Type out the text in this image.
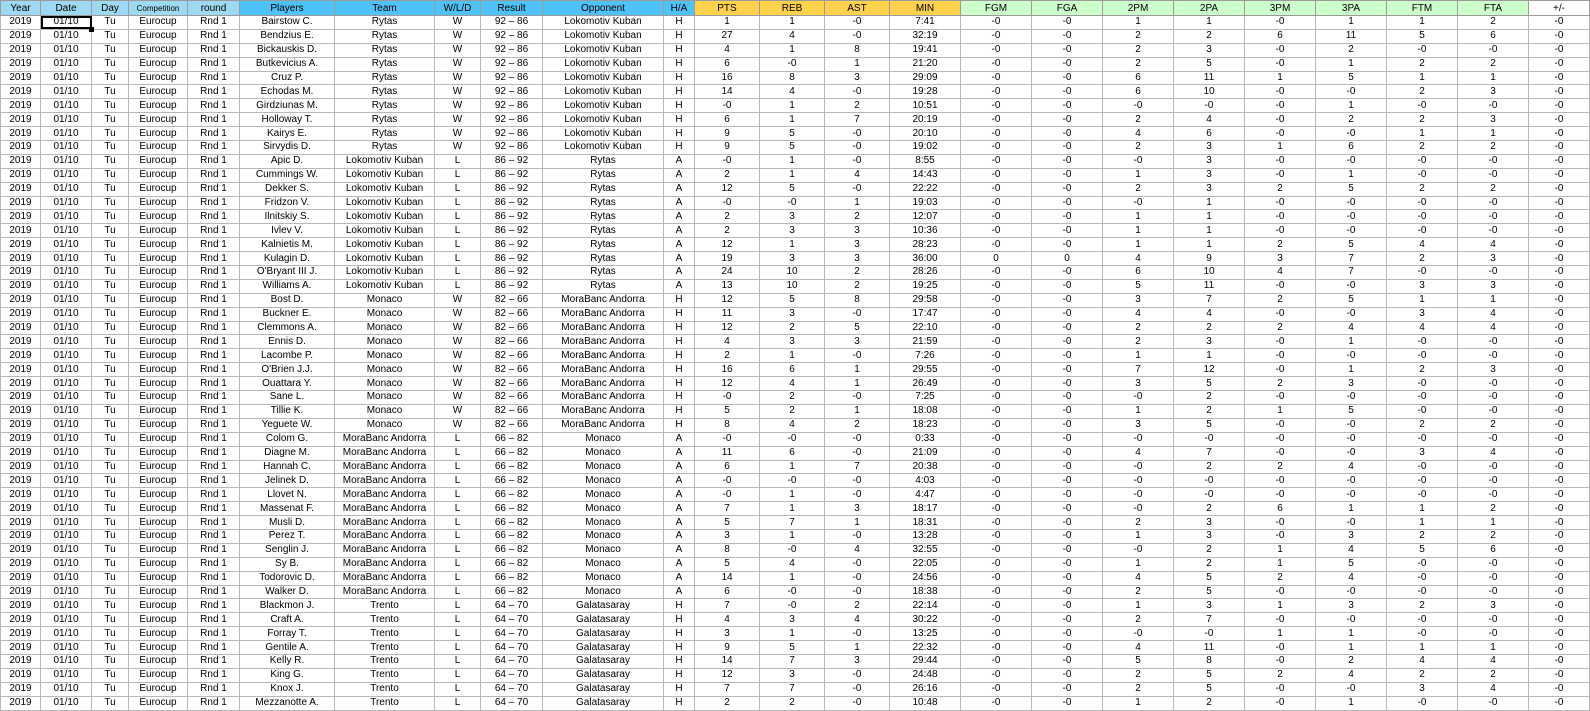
Year	Date	Day	Competition	round	Players	Team	W/L/D	Result	Opponent	H/A	PTS	REB	AST	MIN	FGM	FGA	2PM	2PA	3PM	3PA	FTM	FTA	+/-
2019	01/10	Tu	Eurocup	Rnd 1	Bairstow C.	Rytas	W	92 – 86	Lokomotiv Kuban	H	1	1	-0	7:41	-0	-0	1	1	-0	1	1	2	-0
2019	01/10	Tu	Eurocup	Rnd 1	Bendzius E.	Rytas	W	92 – 86	Lokomotiv Kuban	H	27	4	-0	32:19	-0	-0	2	2	6	11	5	6	-0
2019	01/10	Tu	Eurocup	Rnd 1	Bickauskis D.	Rytas	W	92 – 86	Lokomotiv Kuban	H	4	1	8	19:41	-0	-0	2	3	-0	2	-0	-0	-0
2019	01/10	Tu	Eurocup	Rnd 1	Butkevicius A.	Rytas	W	92 – 86	Lokomotiv Kuban	H	6	-0	1	21:20	-0	-0	2	5	-0	1	2	2	-0
2019	01/10	Tu	Eurocup	Rnd 1	Cruz P.	Rytas	W	92 – 86	Lokomotiv Kuban	H	16	8	3	29:09	-0	-0	6	11	1	5	1	1	-0
2019	01/10	Tu	Eurocup	Rnd 1	Echodas M.	Rytas	W	92 – 86	Lokomotiv Kuban	H	14	4	-0	19:28	-0	-0	6	10	-0	-0	2	3	-0
2019	01/10	Tu	Eurocup	Rnd 1	Girdziunas M.	Rytas	W	92 – 86	Lokomotiv Kuban	H	-0	1	2	10:51	-0	-0	-0	-0	-0	1	-0	-0	-0
2019	01/10	Tu	Eurocup	Rnd 1	Holloway T.	Rytas	W	92 – 86	Lokomotiv Kuban	H	6	1	7	20:19	-0	-0	2	4	-0	2	2	3	-0
2019	01/10	Tu	Eurocup	Rnd 1	Kairys E.	Rytas	W	92 – 86	Lokomotiv Kuban	H	9	5	-0	20:10	-0	-0	4	6	-0	-0	1	1	-0
2019	01/10	Tu	Eurocup	Rnd 1	Sirvydis D.	Rytas	W	92 – 86	Lokomotiv Kuban	H	9	5	-0	19:02	-0	-0	2	3	1	6	2	2	-0
2019	01/10	Tu	Eurocup	Rnd 1	Apic D.	Lokomotiv Kuban	L	86 – 92	Rytas	A	-0	1	-0	8:55	-0	-0	-0	3	-0	-0	-0	-0	-0
2019	01/10	Tu	Eurocup	Rnd 1	Cummings W.	Lokomotiv Kuban	L	86 – 92	Rytas	A	2	1	4	14:43	-0	-0	1	3	-0	1	-0	-0	-0
2019	01/10	Tu	Eurocup	Rnd 1	Dekker S.	Lokomotiv Kuban	L	86 – 92	Rytas	A	12	5	-0	22:22	-0	-0	2	3	2	5	2	2	-0
2019	01/10	Tu	Eurocup	Rnd 1	Fridzon V.	Lokomotiv Kuban	L	86 – 92	Rytas	A	-0	-0	1	19:03	-0	-0	-0	1	-0	-0	-0	-0	-0
2019	01/10	Tu	Eurocup	Rnd 1	Ilnitskiy S.	Lokomotiv Kuban	L	86 – 92	Rytas	A	2	3	2	12:07	-0	-0	1	1	-0	-0	-0	-0	-0
2019	01/10	Tu	Eurocup	Rnd 1	Ivlev V.	Lokomotiv Kuban	L	86 – 92	Rytas	A	2	3	3	10:36	-0	-0	1	1	-0	-0	-0	-0	-0
2019	01/10	Tu	Eurocup	Rnd 1	Kalnietis M.	Lokomotiv Kuban	L	86 – 92	Rytas	A	12	1	3	28:23	-0	-0	1	1	2	5	4	4	-0
2019	01/10	Tu	Eurocup	Rnd 1	Kulagin D.	Lokomotiv Kuban	L	86 – 92	Rytas	A	19	3	3	36:00	0	0	4	9	3	7	2	3	-0
2019	01/10	Tu	Eurocup	Rnd 1	O'Bryant III J.	Lokomotiv Kuban	L	86 – 92	Rytas	A	24	10	2	28:26	-0	-0	6	10	4	7	-0	-0	-0
2019	01/10	Tu	Eurocup	Rnd 1	Williams A.	Lokomotiv Kuban	L	86 – 92	Rytas	A	13	10	2	19:25	-0	-0	5	11	-0	-0	3	3	-0
2019	01/10	Tu	Eurocup	Rnd 1	Bost D.	Monaco	W	82 – 66	MoraBanc Andorra	H	12	5	8	29:58	-0	-0	3	7	2	5	1	1	-0
2019	01/10	Tu	Eurocup	Rnd 1	Buckner E.	Monaco	W	82 – 66	MoraBanc Andorra	H	11	3	-0	17:47	-0	-0	4	4	-0	-0	3	4	-0
2019	01/10	Tu	Eurocup	Rnd 1	Clemmons A.	Monaco	W	82 – 66	MoraBanc Andorra	H	12	2	5	22:10	-0	-0	2	2	2	4	4	4	-0
2019	01/10	Tu	Eurocup	Rnd 1	Ennis D.	Monaco	W	82 – 66	MoraBanc Andorra	H	4	3	3	21:59	-0	-0	2	3	-0	1	-0	-0	-0
2019	01/10	Tu	Eurocup	Rnd 1	Lacombe P.	Monaco	W	82 – 66	MoraBanc Andorra	H	2	1	-0	7:26	-0	-0	1	1	-0	-0	-0	-0	-0
2019	01/10	Tu	Eurocup	Rnd 1	O'Brien J.J.	Monaco	W	82 – 66	MoraBanc Andorra	H	16	6	1	29:55	-0	-0	7	12	-0	1	2	3	-0
2019	01/10	Tu	Eurocup	Rnd 1	Ouattara Y.	Monaco	W	82 – 66	MoraBanc Andorra	H	12	4	1	26:49	-0	-0	3	5	2	3	-0	-0	-0
2019	01/10	Tu	Eurocup	Rnd 1	Sane L.	Monaco	W	82 – 66	MoraBanc Andorra	H	-0	2	-0	7:25	-0	-0	-0	2	-0	-0	-0	-0	-0
2019	01/10	Tu	Eurocup	Rnd 1	Tillie K.	Monaco	W	82 – 66	MoraBanc Andorra	H	5	2	1	18:08	-0	-0	1	2	1	5	-0	-0	-0
2019	01/10	Tu	Eurocup	Rnd 1	Yeguete W.	Monaco	W	82 – 66	MoraBanc Andorra	H	8	4	2	18:23	-0	-0	3	5	-0	-0	2	2	-0
2019	01/10	Tu	Eurocup	Rnd 1	Colom G.	MoraBanc Andorra	L	66 – 82	Monaco	A	-0	-0	-0	0:33	-0	-0	-0	-0	-0	-0	-0	-0	-0
2019	01/10	Tu	Eurocup	Rnd 1	Diagne M.	MoraBanc Andorra	L	66 – 82	Monaco	A	11	6	-0	21:09	-0	-0	4	7	-0	-0	3	4	-0
2019	01/10	Tu	Eurocup	Rnd 1	Hannah C.	MoraBanc Andorra	L	66 – 82	Monaco	A	6	1	7	20:38	-0	-0	-0	2	2	4	-0	-0	-0
2019	01/10	Tu	Eurocup	Rnd 1	Jelinek D.	MoraBanc Andorra	L	66 – 82	Monaco	A	-0	-0	-0	4:03	-0	-0	-0	-0	-0	-0	-0	-0	-0
2019	01/10	Tu	Eurocup	Rnd 1	Llovet N.	MoraBanc Andorra	L	66 – 82	Monaco	A	-0	1	-0	4:47	-0	-0	-0	-0	-0	-0	-0	-0	-0
2019	01/10	Tu	Eurocup	Rnd 1	Massenat F.	MoraBanc Andorra	L	66 – 82	Monaco	A	7	1	3	18:17	-0	-0	-0	2	6	1	1	2	-0
2019	01/10	Tu	Eurocup	Rnd 1	Musli D.	MoraBanc Andorra	L	66 – 82	Monaco	A	5	7	1	18:31	-0	-0	2	3	-0	-0	1	1	-0
2019	01/10	Tu	Eurocup	Rnd 1	Perez T.	MoraBanc Andorra	L	66 – 82	Monaco	A	3	1	-0	13:28	-0	-0	1	3	-0	3	2	2	-0
2019	01/10	Tu	Eurocup	Rnd 1	Senglin J.	MoraBanc Andorra	L	66 – 82	Monaco	A	8	-0	4	32:55	-0	-0	-0	2	1	4	5	6	-0
2019	01/10	Tu	Eurocup	Rnd 1	Sy B.	MoraBanc Andorra	L	66 – 82	Monaco	A	5	4	-0	22:05	-0	-0	1	2	1	5	-0	-0	-0
2019	01/10	Tu	Eurocup	Rnd 1	Todorovic D.	MoraBanc Andorra	L	66 – 82	Monaco	A	14	1	-0	24:56	-0	-0	4	5	2	4	-0	-0	-0
2019	01/10	Tu	Eurocup	Rnd 1	Walker D.	MoraBanc Andorra	L	66 – 82	Monaco	A	6	-0	-0	18:38	-0	-0	2	5	-0	-0	-0	-0	-0
2019	01/10	Tu	Eurocup	Rnd 1	Blackmon J.	Trento	L	64 – 70	Galatasaray	H	7	-0	2	22:14	-0	-0	1	3	1	3	2	3	-0
2019	01/10	Tu	Eurocup	Rnd 1	Craft A.	Trento	L	64 – 70	Galatasaray	H	4	3	4	30:22	-0	-0	2	7	-0	-0	-0	-0	-0
2019	01/10	Tu	Eurocup	Rnd 1	Forray T.	Trento	L	64 – 70	Galatasaray	H	3	1	-0	13:25	-0	-0	-0	-0	1	1	-0	-0	-0
2019	01/10	Tu	Eurocup	Rnd 1	Gentile A.	Trento	L	64 – 70	Galatasaray	H	9	5	1	22:32	-0	-0	4	11	-0	1	1	1	-0
2019	01/10	Tu	Eurocup	Rnd 1	Kelly R.	Trento	L	64 – 70	Galatasaray	H	14	7	3	29:44	-0	-0	5	8	-0	2	4	4	-0
2019	01/10	Tu	Eurocup	Rnd 1	King G.	Trento	L	64 – 70	Galatasaray	H	12	3	-0	24:48	-0	-0	2	5	2	4	2	2	-0
2019	01/10	Tu	Eurocup	Rnd 1	Knox J.	Trento	L	64 – 70	Galatasaray	H	7	7	-0	26:16	-0	-0	2	5	-0	-0	3	4	-0
2019	01/10	Tu	Eurocup	Rnd 1	Mezzanotte A.	Trento	L	64 – 70	Galatasaray	H	2	2	-0	10:48	-0	-0	1	2	-0	1	-0	-0	-0
